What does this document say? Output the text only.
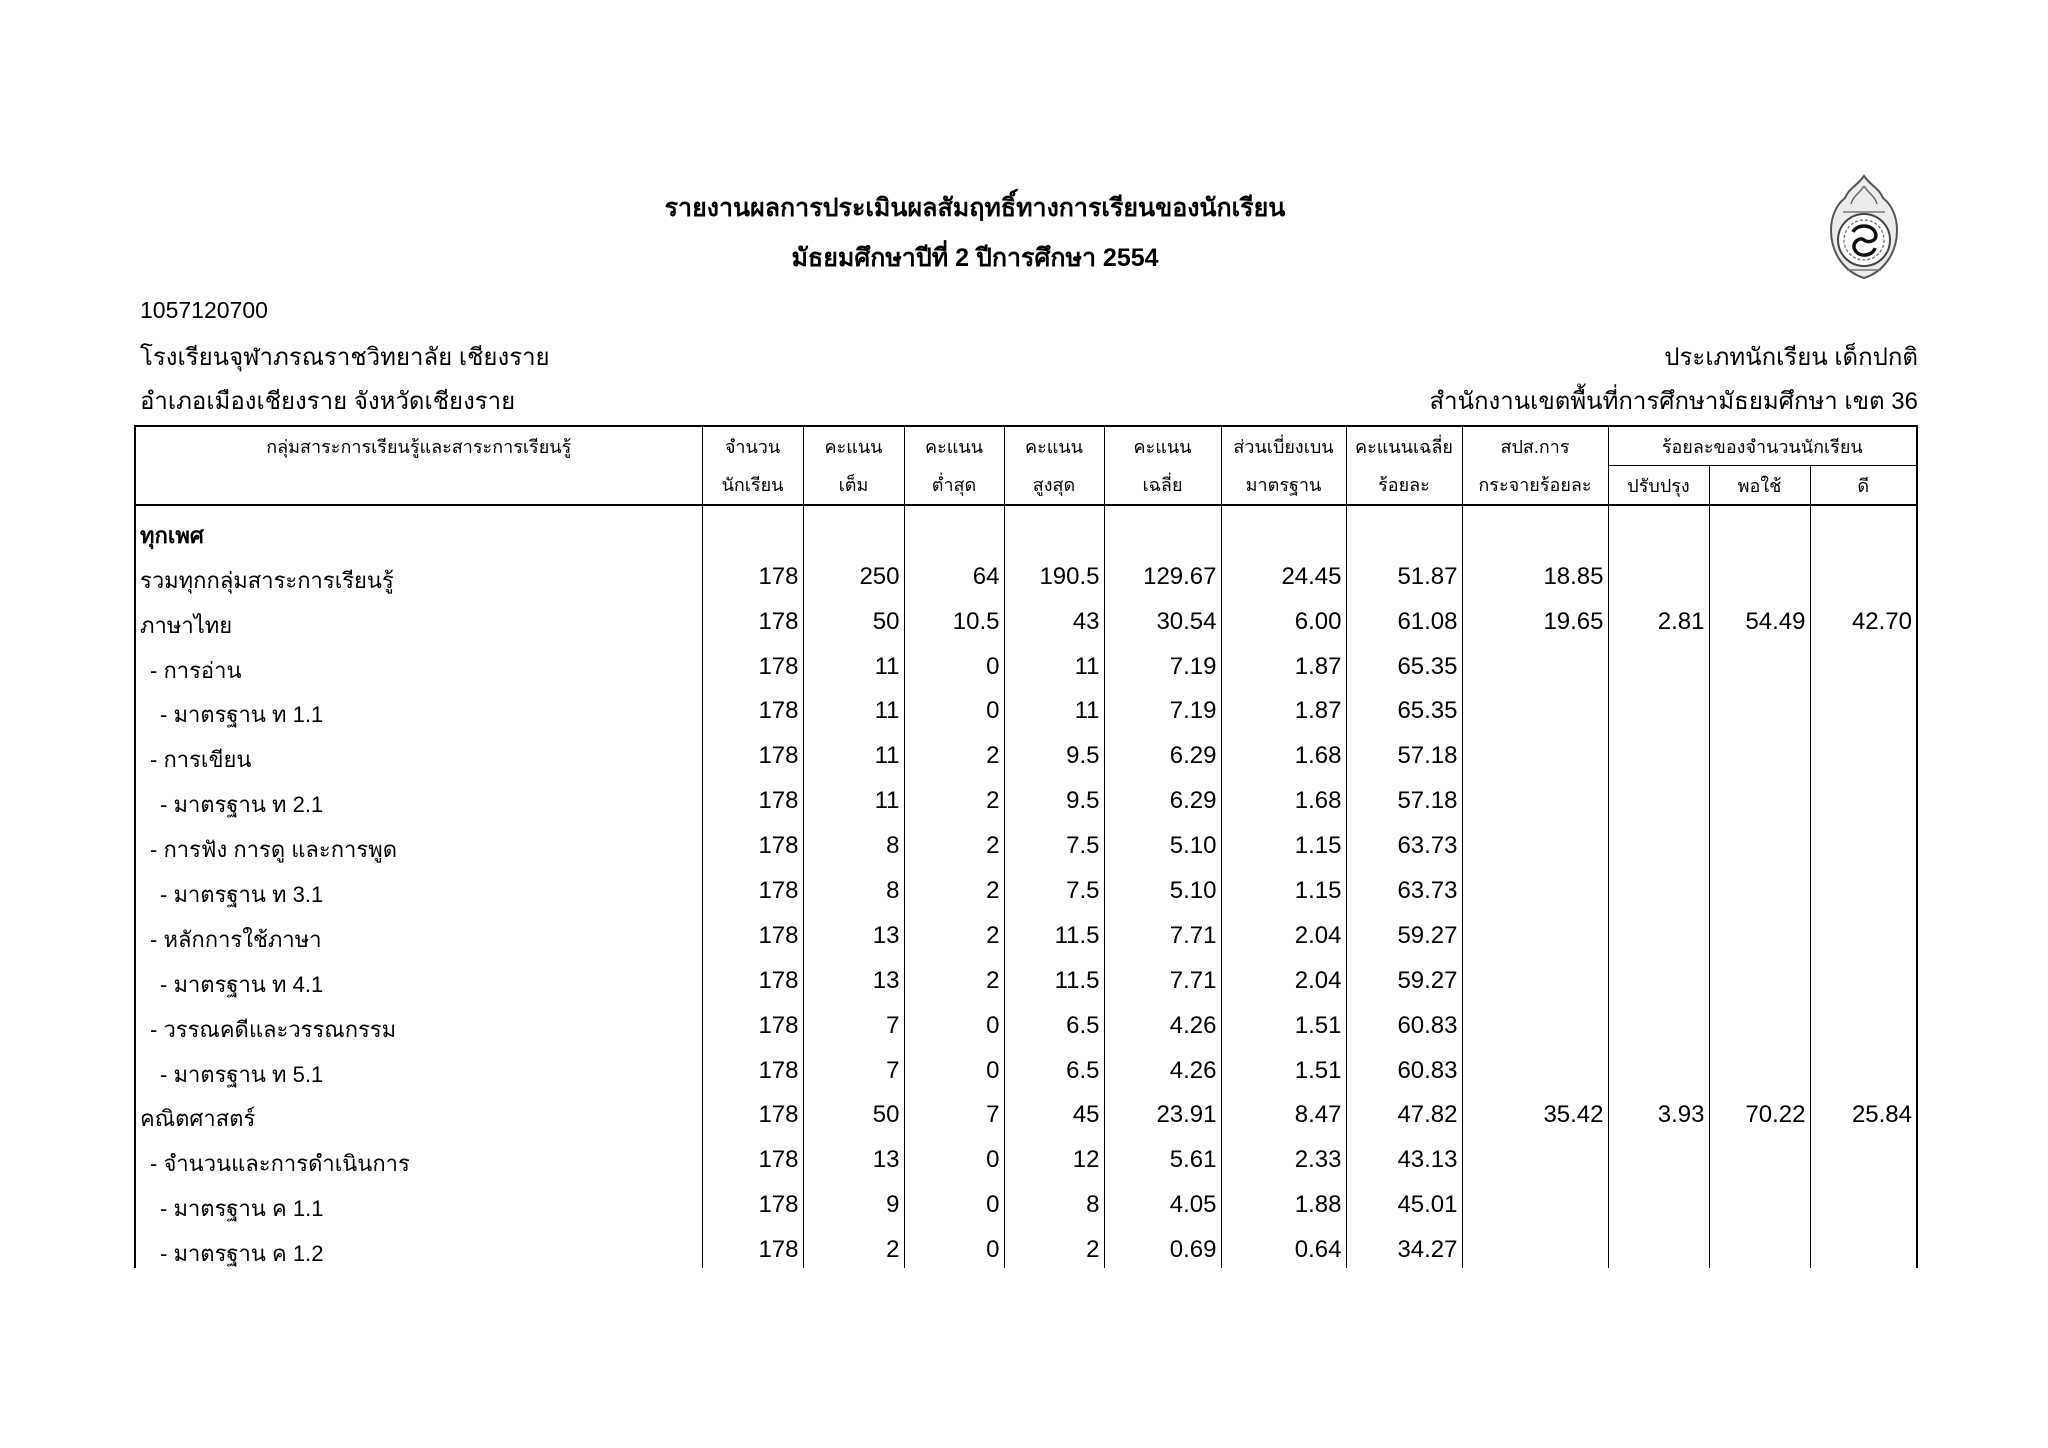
รายงานผลการประเมินผลสัมฤทธิ์ทางการเรียนของนักเรียน
มัธยมศึกษาปีที่ 2 ปีการศึกษา 2554
1057120700
โรงเรียนจุฬาภรณราชวิทยาลัย เชียงราย
อำเภอเมืองเชียงราย จังหวัดเชียงราย
ประเภทนักเรียน เด็กปกติ
สำนักงานเขตพื้นที่การศึกษามัธยมศึกษา เขต 36
กลุ่มสาระการเรียนรู้และสาระการเรียนรู้	จำนวน	คะแนน	คะแนน	คะแนน	คะแนน	ส่วนเบี่ยงเบน	คะแนนเฉลี่ย	สปส.การ	ร้อยละของจำนวนนักเรียน		
	นักเรียน	เต็ม	ต่ำสุด	สูงสุด	เฉลี่ย	มาตรฐาน	ร้อยละ	กระจายร้อยละ	ปรับปรุง	พอใช้	ดี
ทุกเพศ											
รวมทุกกลุ่มสาระการเรียนรู้	178	250	64	190.5	129.67	24.45	51.87	18.85			
ภาษาไทย	178	50	10.5	43	30.54	6.00	61.08	19.65	2.81	54.49	42.70
- การอ่าน	178	11	0	11	7.19	1.87	65.35				
- มาตรฐาน ท 1.1	178	11	0	11	7.19	1.87	65.35				
- การเขียน	178	11	2	9.5	6.29	1.68	57.18				
- มาตรฐาน ท 2.1	178	11	2	9.5	6.29	1.68	57.18				
- การฟัง การดู และการพูด	178	8	2	7.5	5.10	1.15	63.73				
- มาตรฐาน ท 3.1	178	8	2	7.5	5.10	1.15	63.73				
- หลักการใช้ภาษา	178	13	2	11.5	7.71	2.04	59.27				
- มาตรฐาน ท 4.1	178	13	2	11.5	7.71	2.04	59.27				
- วรรณคดีและวรรณกรรม	178	7	0	6.5	4.26	1.51	60.83				
- มาตรฐาน ท 5.1	178	7	0	6.5	4.26	1.51	60.83				
คณิตศาสตร์	178	50	7	45	23.91	8.47	47.82	35.42	3.93	70.22	25.84
- จำนวนและการดำเนินการ	178	13	0	12	5.61	2.33	43.13				
- มาตรฐาน ค 1.1	178	9	0	8	4.05	1.88	45.01				
- มาตรฐาน ค 1.2	178	2	0	2	0.69	0.64	34.27				
